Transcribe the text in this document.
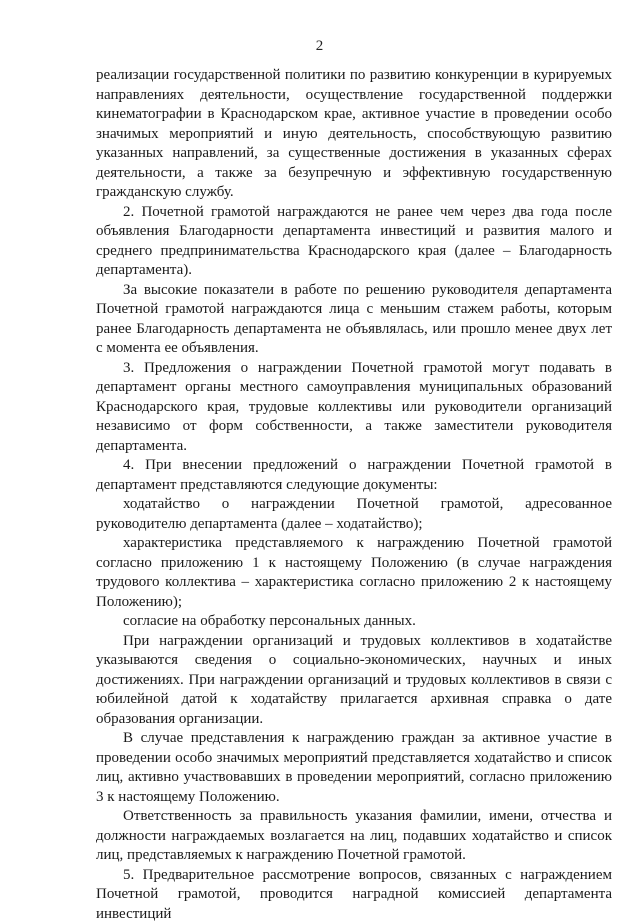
2

реализации государственной политики по развитию конкуренции в курируемых направлениях деятельности, осуществление государственной поддержки кинематографии в Краснодарском крае, активное участие в проведении особо значимых мероприятий и иную деятельность, способствующую развитию указанных направлений, за существенные достижения в указанных сферах деятельности, а также за безупречную и эффективную государственную гражданскую службу.

2. Почетной грамотой награждаются не ранее чем через два года после объявления Благодарности департамента инвестиций и развития малого и среднего предпринимательства Краснодарского края (далее – Благодарность департамента).

За высокие показатели в работе по решению руководителя департамента Почетной грамотой награждаются лица с меньшим стажем работы, которым ранее Благодарность департамента не объявлялась, или прошло менее двух лет с момента ее объявления.

3. Предложения о награждении Почетной грамотой могут подавать в департамент органы местного самоуправления муниципальных образований Краснодарского края, трудовые коллективы или руководители организаций независимо от форм собственности, а также заместители руководителя департамента.

4. При внесении предложений о награждении Почетной грамотой в департамент представляются следующие документы:

ходатайство о награждении Почетной грамотой, адресованное руководителю департамента (далее – ходатайство);

характеристика представляемого к награждению Почетной грамотой согласно приложению 1 к настоящему Положению (в случае награждения трудового коллектива – характеристика согласно приложению 2 к настоящему Положению);

согласие на обработку персональных данных.

При награждении организаций и трудовых коллективов в ходатайстве указываются сведения о социально-экономических, научных и иных достижениях. При награждении организаций и трудовых коллективов в связи с юбилейной датой к ходатайству прилагается архивная справка о дате образования организации.

В случае представления к награждению граждан за активное участие в проведении особо значимых мероприятий представляется ходатайство и список лиц, активно участвовавших в проведении мероприятий, согласно приложению 3 к настоящему Положению.

Ответственность за правильность указания фамилии, имени, отчества и должности награждаемых возлагается на лиц, подавших ходатайство и список лиц, представляемых к награждению Почетной грамотой.

5. Предварительное рассмотрение вопросов, связанных с награждением Почетной грамотой, проводится наградной комиссией департамента инвестиций
